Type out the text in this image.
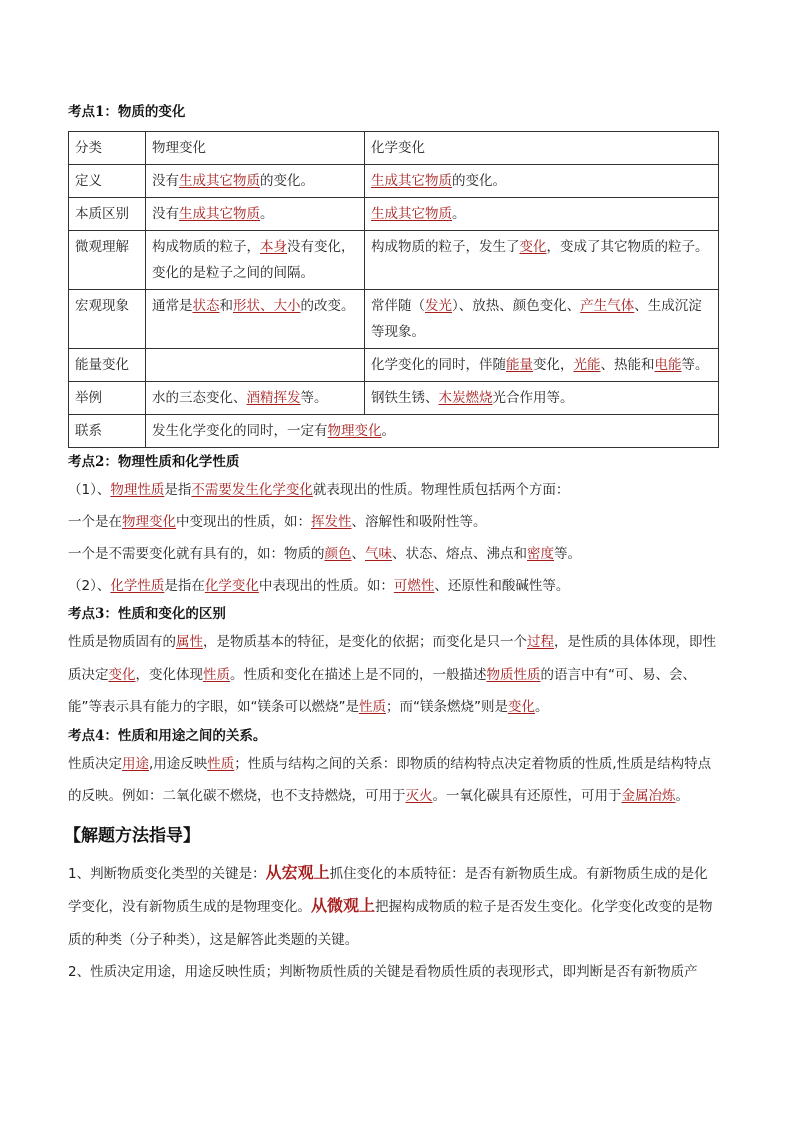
考点1：物质的变化

分类	物理变化	化学变化
定义	没有生成其它物质的变化。	生成其它物质的变化。
本质区别	没有生成其它物质。	生成其它物质。
微观理解	构成物质的粒子，本身没有变化，变化的是粒子之间的间隔。	构成物质的粒子，发生了变化，变成了其它物质的粒子。
宏观现象	通常是状态和形状、大小的改变。	常伴随（发光）、放热、颜色变化、产生气体、生成沉淀等现象。
能量变化		化学变化的同时，伴随能量变化，光能、热能和电能等。
举例	水的三态变化、酒精挥发等。	钢铁生锈、木炭燃烧光合作用等。
联系	发生化学变化的同时，一定有物理变化。	

考点2：物理性质和化学性质

（1）、物理性质是指不需要发生化学变化就表现出的性质。物理性质包括两个方面：

一个是在物理变化中变现出的性质，如：挥发性、溶解性和吸附性等。

一个是不需要变化就有具有的，如：物质的颜色、气味、状态、熔点、沸点和密度等。

（2）、化学性质是指在化学变化中表现出的性质。如：可燃性、还原性和酸碱性等。

考点3：性质和变化的区别

性质是物质固有的属性，是物质基本的特征，是变化的依据；而变化是只一个过程，是性质的具体体现，即性质决定变化，变化体现性质。性质和变化在描述上是不同的，一般描述物质性质的语言中有“可、易、会、能”等表示具有能力的字眼，如“镁条可以燃烧”是性质；而“镁条燃烧”则是变化。

考点4：性质和用途之间的关系。

性质决定用途,用途反映性质；性质与结构之间的关系：即物质的结构特点决定着物质的性质,性质是结构特点的反映。例如：二氧化碳不燃烧，也不支持燃烧，可用于灭火。一氧化碳具有还原性，可用于金属冶炼。

【解题方法指导】

1、判断物质变化类型的关键是：从宏观上抓住变化的本质特征：是否有新物质生成。有新物质生成的是化学变化，没有新物质生成的是物理变化。从微观上把握构成物质的粒子是否发生变化。化学变化改变的是物质的种类（分子种类），这是解答此类题的关键。

2、性质决定用途，用途反映性质；判断物质性质的关键是看物质性质的表现形式，即判断是否有新物质产
